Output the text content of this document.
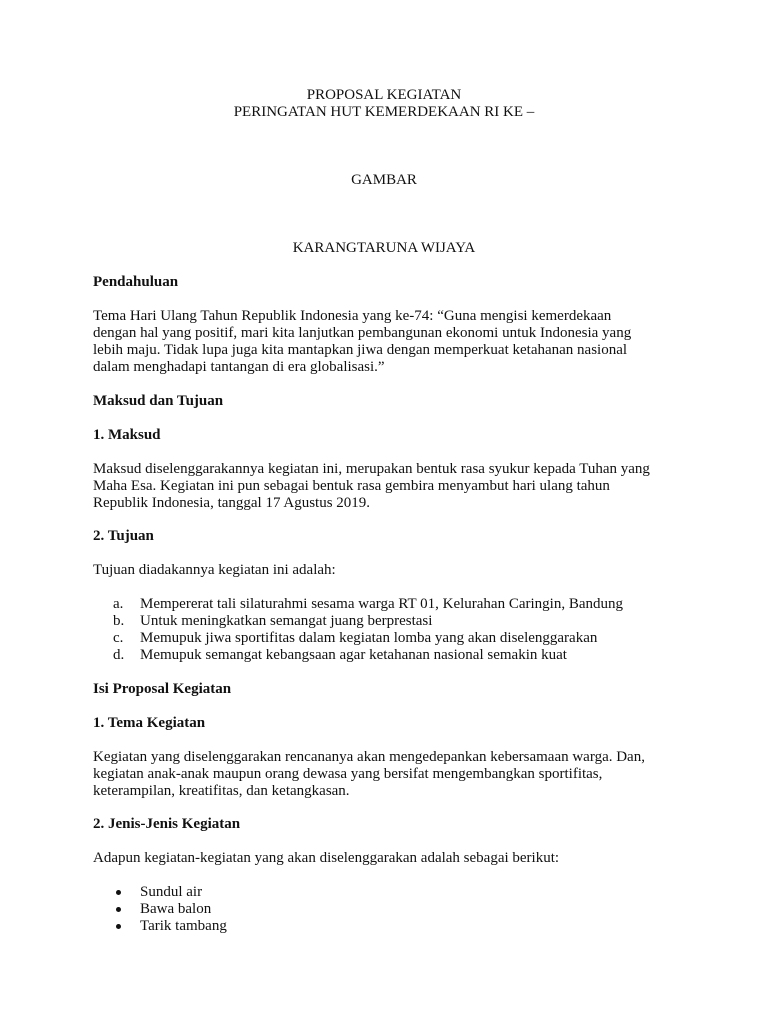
PROPOSAL KEGIATAN

PERINGATAN HUT KEMERDEKAAN RI KE –

GAMBAR

KARANGTARUNA WIJAYA

Pendahuluan

Tema Hari Ulang Tahun Republik Indonesia yang ke-74: “Guna mengisi kemerdekaan

dengan hal yang positif, mari kita lanjutkan pembangunan ekonomi untuk Indonesia yang

lebih maju. Tidak lupa juga kita mantapkan jiwa dengan memperkuat ketahanan nasional

dalam menghadapi tantangan di era globalisasi.”

Maksud dan Tujuan

1. Maksud

Maksud diselenggarakannya kegiatan ini, merupakan bentuk rasa syukur kepada Tuhan yang

Maha Esa. Kegiatan ini pun sebagai bentuk rasa gembira menyambut hari ulang tahun

Republik Indonesia, tanggal 17 Agustus 2019.

2. Tujuan

Tujuan diadakannya kegiatan ini adalah:

a. Mempererat tali silaturahmi sesama warga RT 01, Kelurahan Caringin, Bandung
b. Untuk meningkatkan semangat juang berprestasi
c. Memupuk jiwa sportifitas dalam kegiatan lomba yang akan diselenggarakan
d. Memupuk semangat kebangsaan agar ketahanan nasional semakin kuat

Isi Proposal Kegiatan

1. Tema Kegiatan

Kegiatan yang diselenggarakan rencananya akan mengedepankan kebersamaan warga. Dan,

kegiatan anak-anak maupun orang dewasa yang bersifat mengembangkan sportifitas,

keterampilan, kreatifitas, dan ketangkasan.

2. Jenis-Jenis Kegiatan

Adapun kegiatan-kegiatan yang akan diselenggarakan adalah sebagai berikut:

Sundul air
Bawa balon
Tarik tambang
